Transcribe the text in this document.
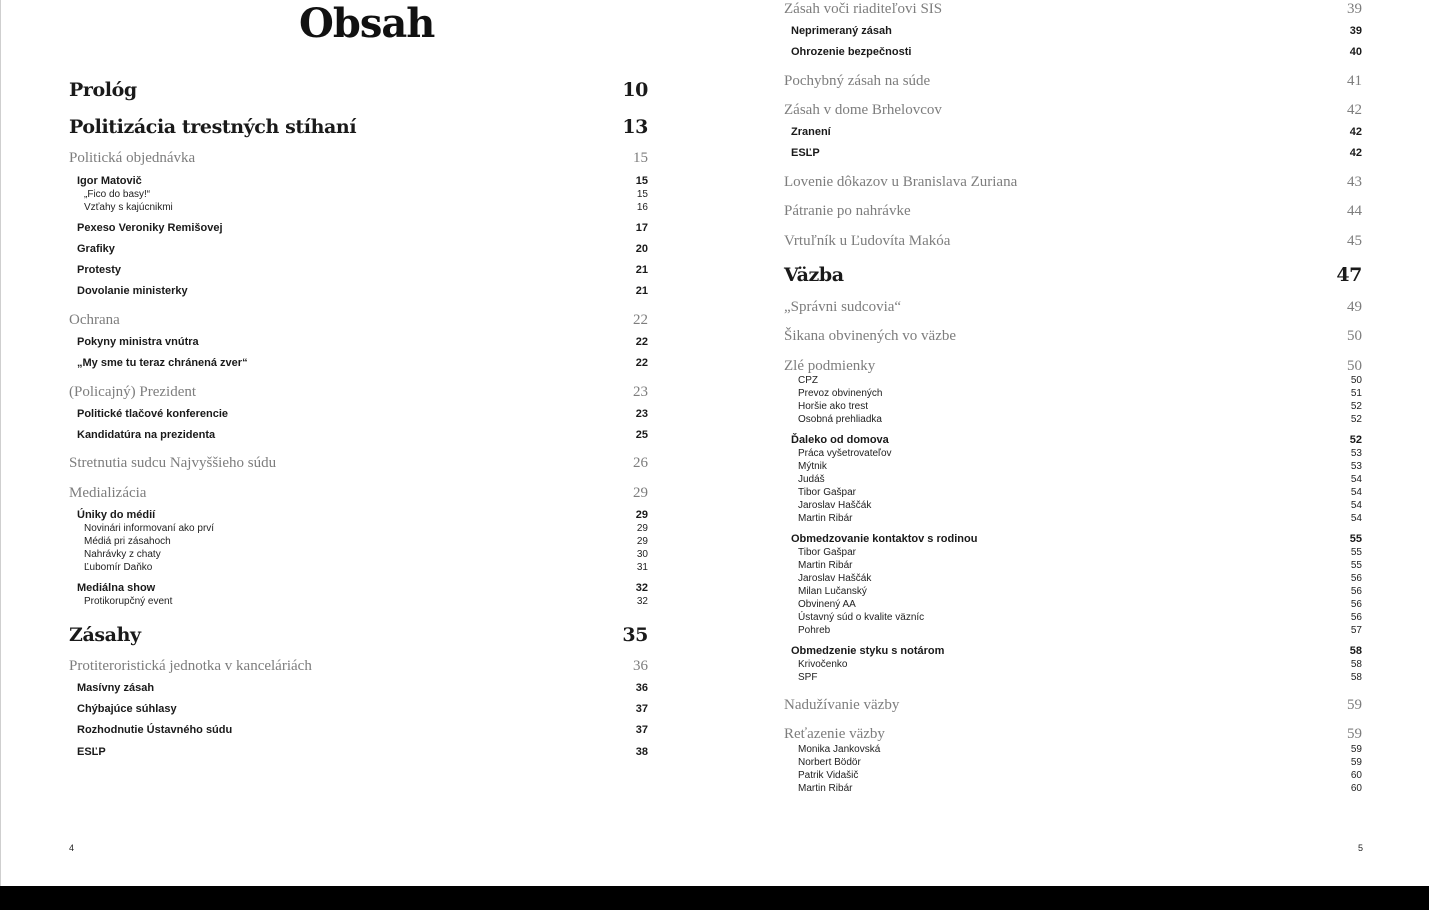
Obsah
Prológ	10
Politizácia trestných stíhaní	13
Politická objednávka	15
Igor Matovič	15
„Fico do basy!“	15
Vzťahy s kajúcnikmi	16
Pexeso Veroniky Remišovej	17
Grafiky	20
Protesty	21
Dovolanie ministerky	21
Ochrana	22
Pokyny ministra vnútra	22
„My sme tu teraz chránená zver“	22
(Policajný) Prezident	23
Politické tlačové konferencie	23
Kandidatúra na prezidenta	25
Stretnutia sudcu Najvyššieho súdu	26
Medializácia	29
Úniky do médií	29
Novinári informovaní ako prví	29
Médiá pri zásahoch	29
Nahrávky z chaty	30
Ľubomír Daňko	31
Mediálna show	32
Protikorupčný event	32
Zásahy	35
Protiteroristická jednotka v kanceláriách	36
Masívny zásah	36
Chýbajúce súhlasy	37
Rozhodnutie Ústavného súdu	37
ESĽP	38
Zásah voči riaditeľovi SIS	39
Neprimeraný zásah	39
Ohrozenie bezpečnosti	40
Pochybný zásah na súde	41
Zásah v dome Brhelovcov	42
Zranení	42
ESĽP	42
Lovenie dôkazov u Branislava Zuriana	43
Pátranie po nahrávke	44
Vrtuľník u Ľudovíta Makóa	45
Väzba	47
„Správni sudcovia“	49
Šikana obvinených vo väzbe	50
Zlé podmienky	50
CPZ	50
Prevoz obvinených	51
Horšie ako trest	52
Osobná prehliadka	52
Ďaleko od domova	52
Práca vyšetrovateľov	53
Mýtnik	53
Judáš	54
Tibor Gašpar	54
Jaroslav Haščák	54
Martin Ribár	54
Obmedzovanie kontaktov s rodinou	55
Tibor Gašpar	55
Martin Ribár	55
Jaroslav Haščák	56
Milan Lučanský	56
Obvinený AA	56
Ústavný súd o kvalite väzníc	56
Pohreb	57
Obmedzenie styku s notárom	58
Krivočenko	58
SPF	58
Nadužívanie väzby	59
Reťazenie väzby	59
Monika Jankovská	59
Norbert Bödör	59
Patrik Vidašič	60
Martin Ribár	60
4	5
